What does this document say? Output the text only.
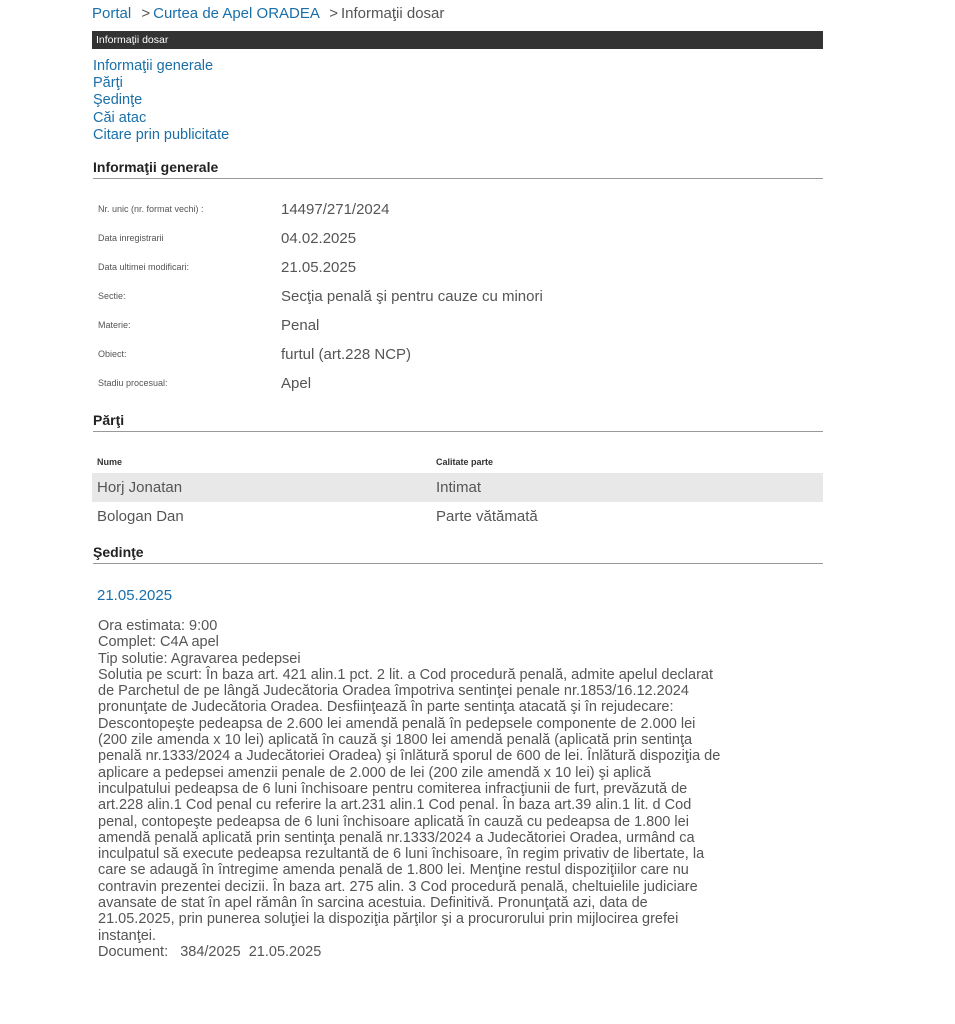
Portal > Curtea de Apel ORADEA > Informaţii dosar
Informaţii dosar
Informaţii generale
Părţi
Şedinţe
Căi atac
Citare prin publicitate
Informaţii generale
Nr. unic (nr. format vechi) :	14497/271/2024
Data inregistrarii	04.02.2025
Data ultimei modificari:	21.05.2025
Sectie:	Secţia penală şi pentru cauze cu minori
Materie:	Penal
Obiect:	furtul (art.228 NCP)
Stadiu procesual:	Apel
Părţi
Nume	Calitate parte
Horj Jonatan	Intimat
Bologan Dan	Parte vătămată
Şedinţe
21.05.2025
Ora estimata: 9:00
Complet: C4A apel
Tip solutie: Agravarea pedepsei
Solutia pe scurt: În baza art. 421 alin.1 pct. 2 lit. a Cod procedură penală, admite apelul declarat
de Parchetul de pe lângă Judecătoria Oradea împotriva sentinţei penale nr.1853/16.12.2024
pronunţate de Judecătoria Oradea. Desfiinţează în parte sentinţa atacată şi în rejudecare:
Descontopeşte pedeapsa de 2.600 lei amendă penală în pedepsele componente de 2.000 lei
(200 zile amenda x 10 lei) aplicată în cauză şi 1800 lei amendă penală (aplicată prin sentinţa
penală nr.1333/2024 a Judecătoriei Oradea) şi înlătură sporul de 600 de lei. Înlătură dispoziţia de
aplicare a pedepsei amenzii penale de 2.000 de lei (200 zile amendă x 10 lei) şi aplică
inculpatului pedeapsa de 6 luni închisoare pentru comiterea infracţiunii de furt, prevăzută de
art.228 alin.1 Cod penal cu referire la art.231 alin.1 Cod penal. În baza art.39 alin.1 lit. d Cod
penal, contopeşte pedeapsa de 6 luni închisoare aplicată în cauză cu pedeapsa de 1.800 lei
amendă penală aplicată prin sentinţa penală nr.1333/2024 a Judecătoriei Oradea, urmând ca
inculpatul să execute pedeapsa rezultantă de 6 luni închisoare, în regim privativ de libertate, la
care se adaugă în întregime amenda penală de 1.800 lei. Menţine restul dispoziţiilor care nu
contravin prezentei decizii. În baza art. 275 alin. 3 Cod procedură penală, cheltuielile judiciare
avansate de stat în apel rămân în sarcina acestuia. Definitivă. Pronunţată azi, data de
21.05.2025, prin punerea soluţiei la dispoziţia părţilor şi a procurorului prin mijlocirea grefei
instanţei.
Document:   384/2025  21.05.2025
